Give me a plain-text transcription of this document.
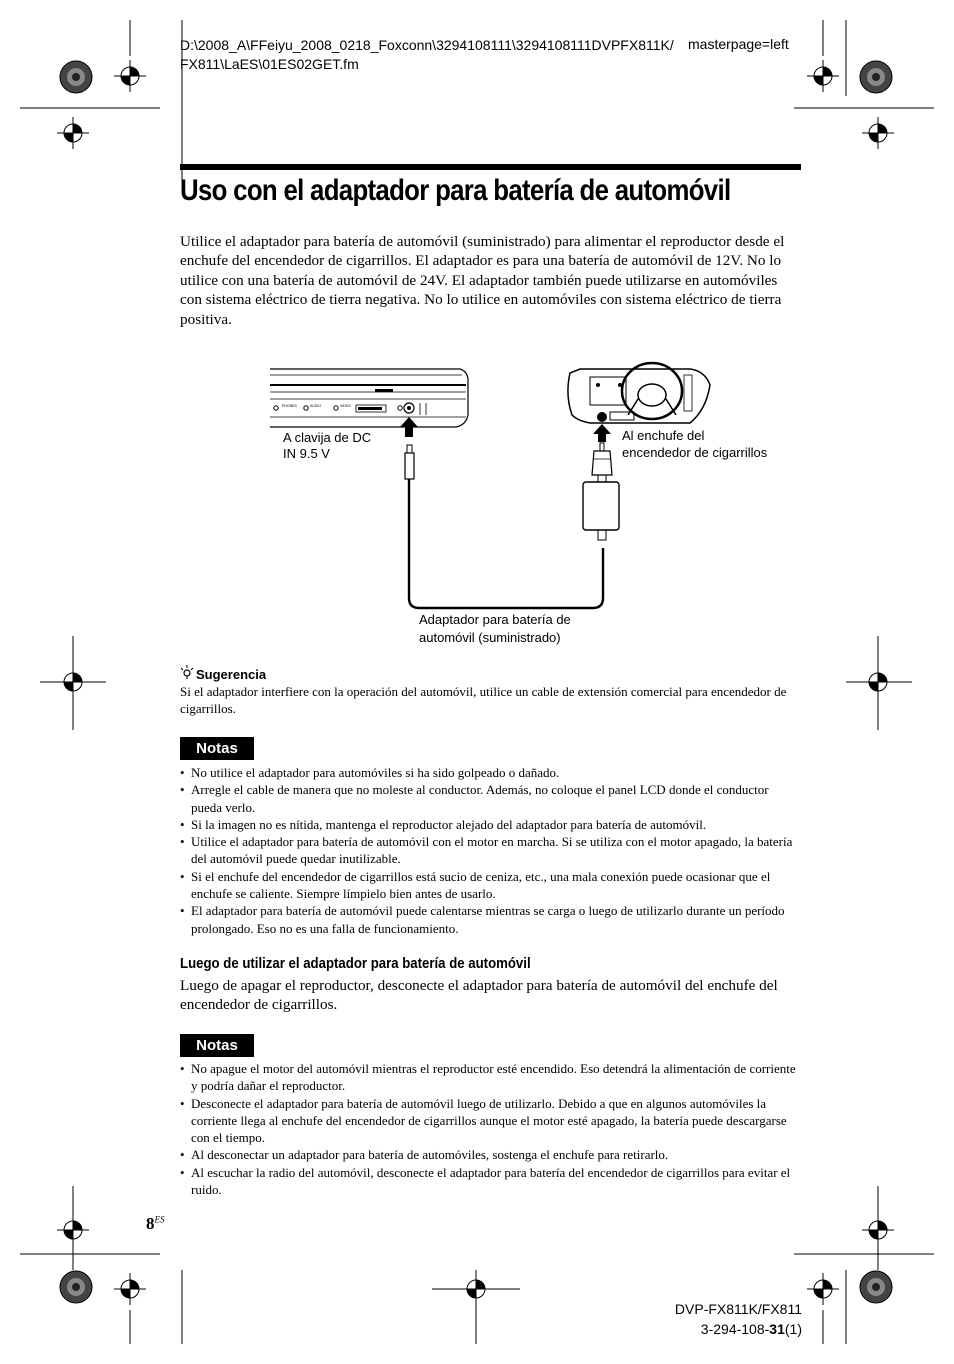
D:\2008_A\FFeiyu_2008_0218_Foxconn\3294108111\3294108111DVPFX811K/
FX811\LaES\01ES02GET.fm
masterpage=left
Uso con el adaptador para batería de automóvil
Utilice el adaptador para batería de automóvil (suministrado) para alimentar el reproductor desde el enchufe del encendedor de cigarrillos. El adaptador es para una batería de automóvil de 12V. No lo utilice con una batería de automóvil de 24V. El adaptador también puede utilizarse en automóviles con sistema eléctrico de tierra negativa. No lo utilice en automóviles con sistema eléctrico de tierra positiva.
PHONES	AUDIO	VIDEO
A clavija de DC
IN 9.5 V
Al enchufe del
encendedor de cigarrillos
Adaptador para batería de
automóvil (suministrado)
Sugerencia
Si el adaptador interfiere con la operación del automóvil, utilice un cable de extensión comercial para encendedor de cigarrillos.
Notas
• No utilice el adaptador para automóviles si ha sido golpeado o dañado.
• Arregle el cable de manera que no moleste al conductor. Además, no coloque el panel LCD donde el conductor pueda verlo.
• Si la imagen no es nítida, mantenga el reproductor alejado del adaptador para batería de automóvil.
• Utilice el adaptador para batería de automóvil con el motor en marcha. Si se utiliza con el motor apagado, la batería del automóvil puede quedar inutilizable.
• Si el enchufe del encendedor de cigarrillos está sucio de ceniza, etc., una mala conexión puede ocasionar que el enchufe se caliente. Siempre límpielo bien antes de usarlo.
• El adaptador para batería de automóvil puede calentarse mientras se carga o luego de utilizarlo durante un período prolongado. Eso no es una falla de funcionamiento.
Luego de utilizar el adaptador para batería de automóvil
Luego de apagar el reproductor, desconecte el adaptador para batería de automóvil del enchufe del encendedor de cigarrillos.
Notas
• No apague el motor del automóvil mientras el reproductor esté encendido. Eso detendrá la alimentación de corriente y podría dañar el reproductor.
• Desconecte el adaptador para batería de automóvil luego de utilizarlo. Debido a que en algunos automóviles la corriente llega al enchufe del encendedor de cigarrillos aunque el motor esté apagado, la batería puede descargarse con el tiempo.
• Al desconectar un adaptador para batería de automóviles, sostenga el enchufe para retirarlo.
• Al escuchar la radio del automóvil, desconecte el adaptador para batería del encendedor de cigarrillos para evitar el ruido.
$8^{ES}$
DVP-FX811K/FX811
3-294-108-31(1)
